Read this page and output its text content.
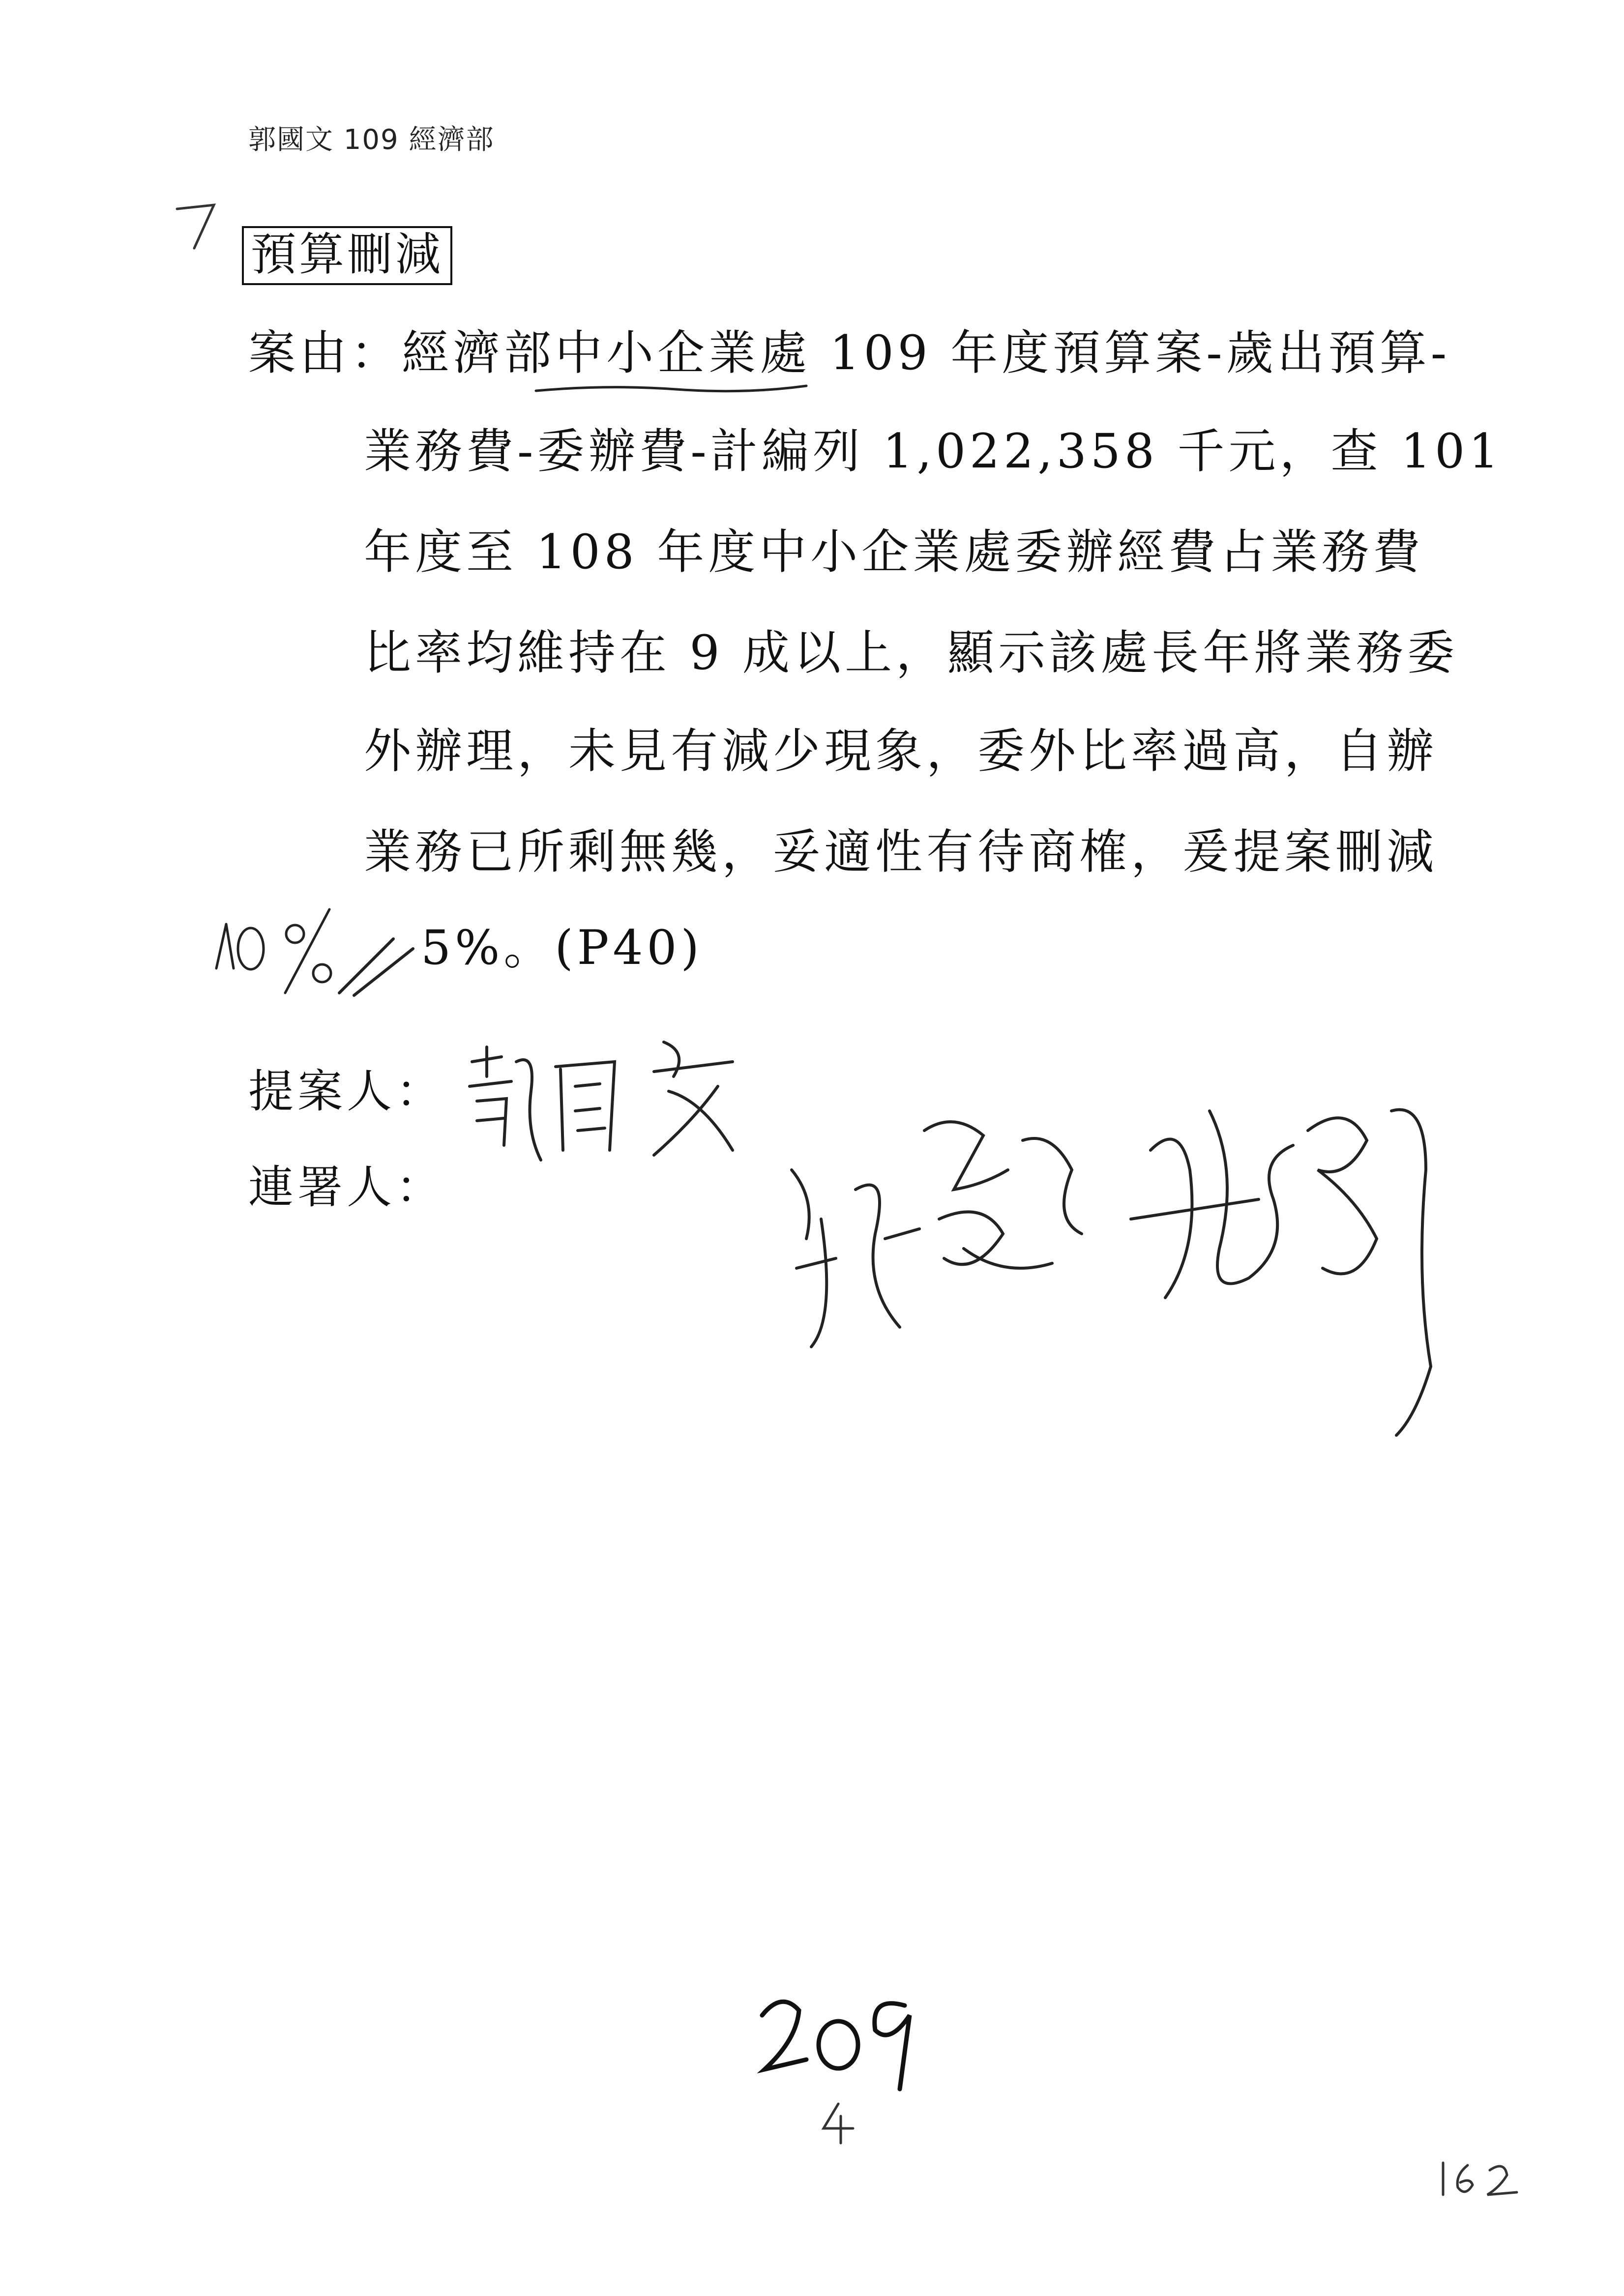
郭國文 109 經濟部
預算刪減
案由：經濟部中小企業處 109 年度預算案-歲出預算-
業務費-委辦費-計編列 1,022,358 千元，查 101
年度至 108 年度中小企業處委辦經費占業務費
比率均維持在 9 成以上，顯示該處長年將業務委
外辦理，未見有減少現象，委外比率過高，自辦
業務已所剩無幾，妥適性有待商榷，爰提案刪減
5%。(P40)
提案人：
連署人：
